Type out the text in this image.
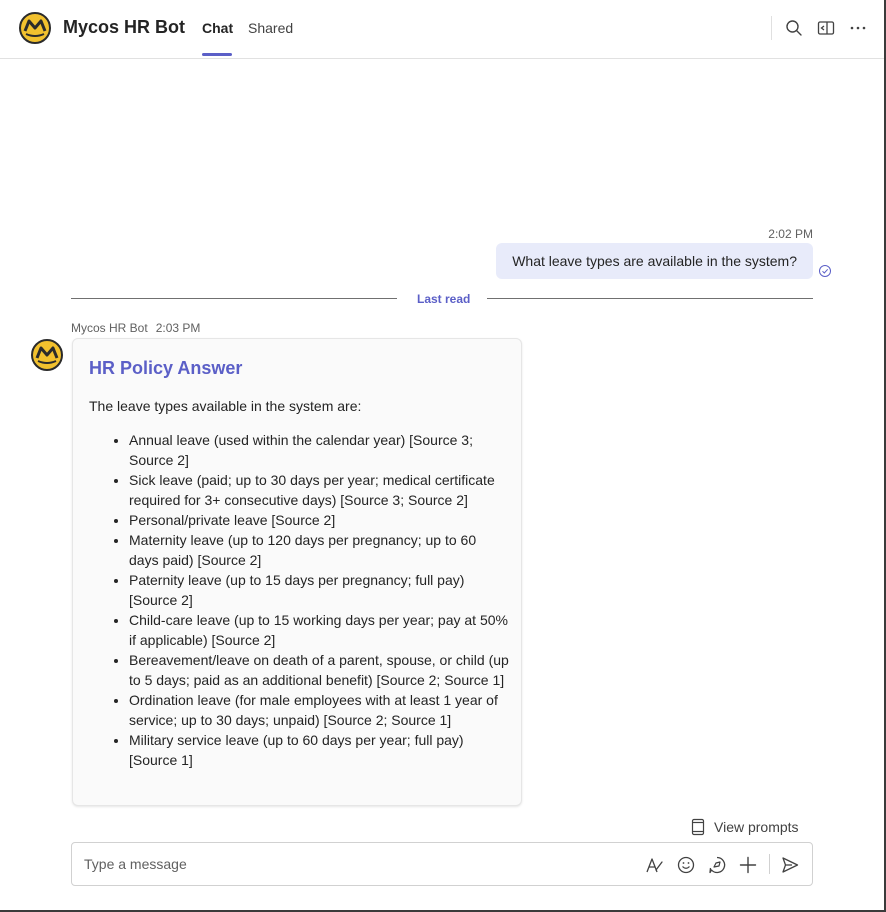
Mycos HR Bot Chat Shared
2:02 PM
What leave types are available in the system?
Last read
Mycos HR Bot 2:03 PM
HR Policy Answer
The leave types available in the system are:
• Annual leave (used within the calendar year) [Source 3; Source 2]
• Sick leave (paid; up to 30 days per year; medical certificate required for 3+ consecutive days) [Source 3; Source 2]
• Personal/private leave [Source 2]
• Maternity leave (up to 120 days per pregnancy; up to 60 days paid) [Source 2]
• Paternity leave (up to 15 days per pregnancy; full pay) [Source 2]
• Child-care leave (up to 15 working days per year; pay at 50% if applicable) [Source 2]
• Bereavement/leave on death of a parent, spouse, or child (up to 5 days; paid as an additional benefit) [Source 2; Source 1]
• Ordination leave (for male employees with at least 1 year of service; up to 30 days; unpaid) [Source 2; Source 1]
• Military service leave (up to 60 days per year; full pay) [Source 1]
View prompts
Type a message
